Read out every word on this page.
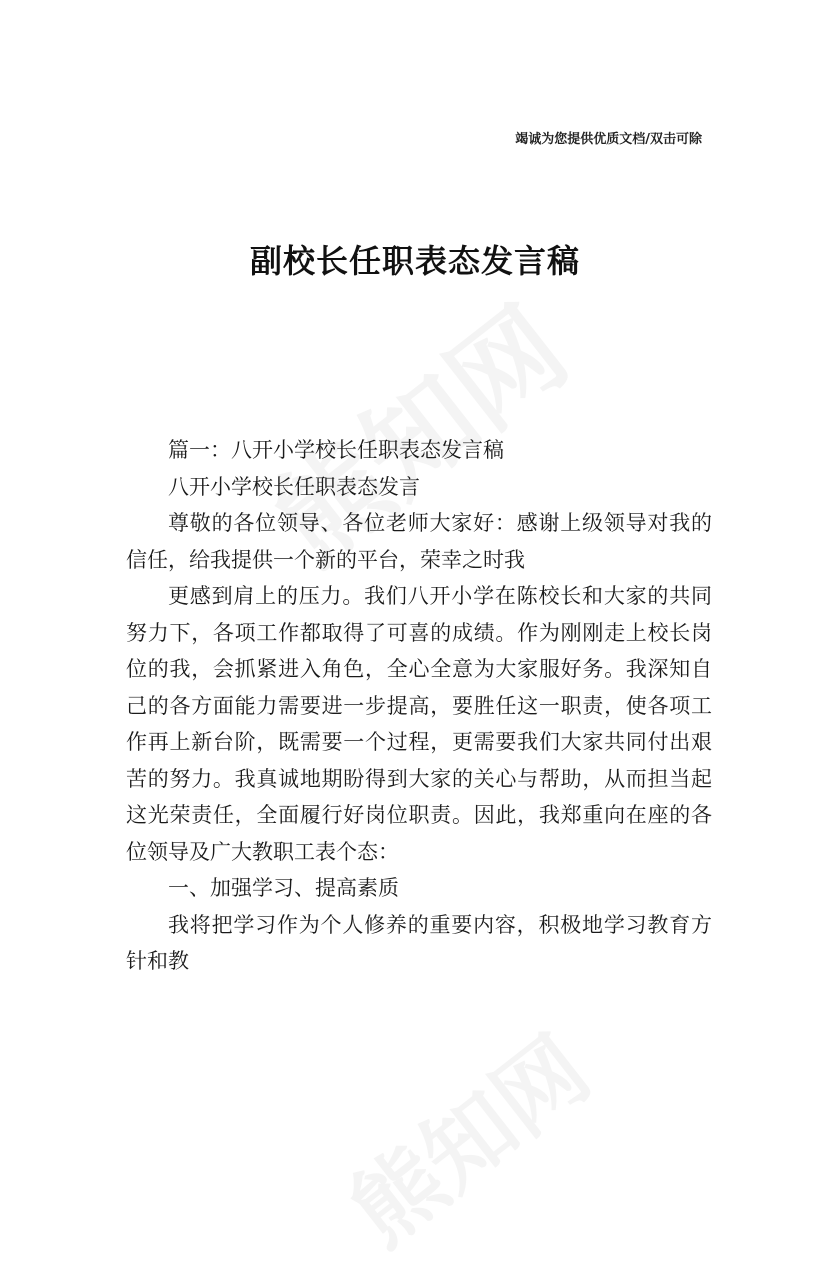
竭诚为您提供优质文档/双击可除
副校长任职表态发言稿

篇一：八开小学校长任职表态发言稿

八开小学校长任职表态发言

尊敬的各位领导、各位老师大家好：感谢上级领导对我的信任，给我提供一个新的平台，荣幸之时我

更感到肩上的压力。我们八开小学在陈校长和大家的共同努力下，各项工作都取得了可喜的成绩。作为刚刚走上校长岗位的我，会抓紧进入角色，全心全意为大家服好务。我深知自己的各方面能力需要进一步提高，要胜任这一职责，使各项工作再上新台阶，既需要一个过程，更需要我们大家共同付出艰苦的努力。我真诚地期盼得到大家的关心与帮助，从而担当起这光荣责任，全面履行好岗位职责。因此，我郑重向在座的各位领导及广大教职工表个态：

一、加强学习、提高素质

我将把学习作为个人修养的重要内容，积极地学习教育方针和教
